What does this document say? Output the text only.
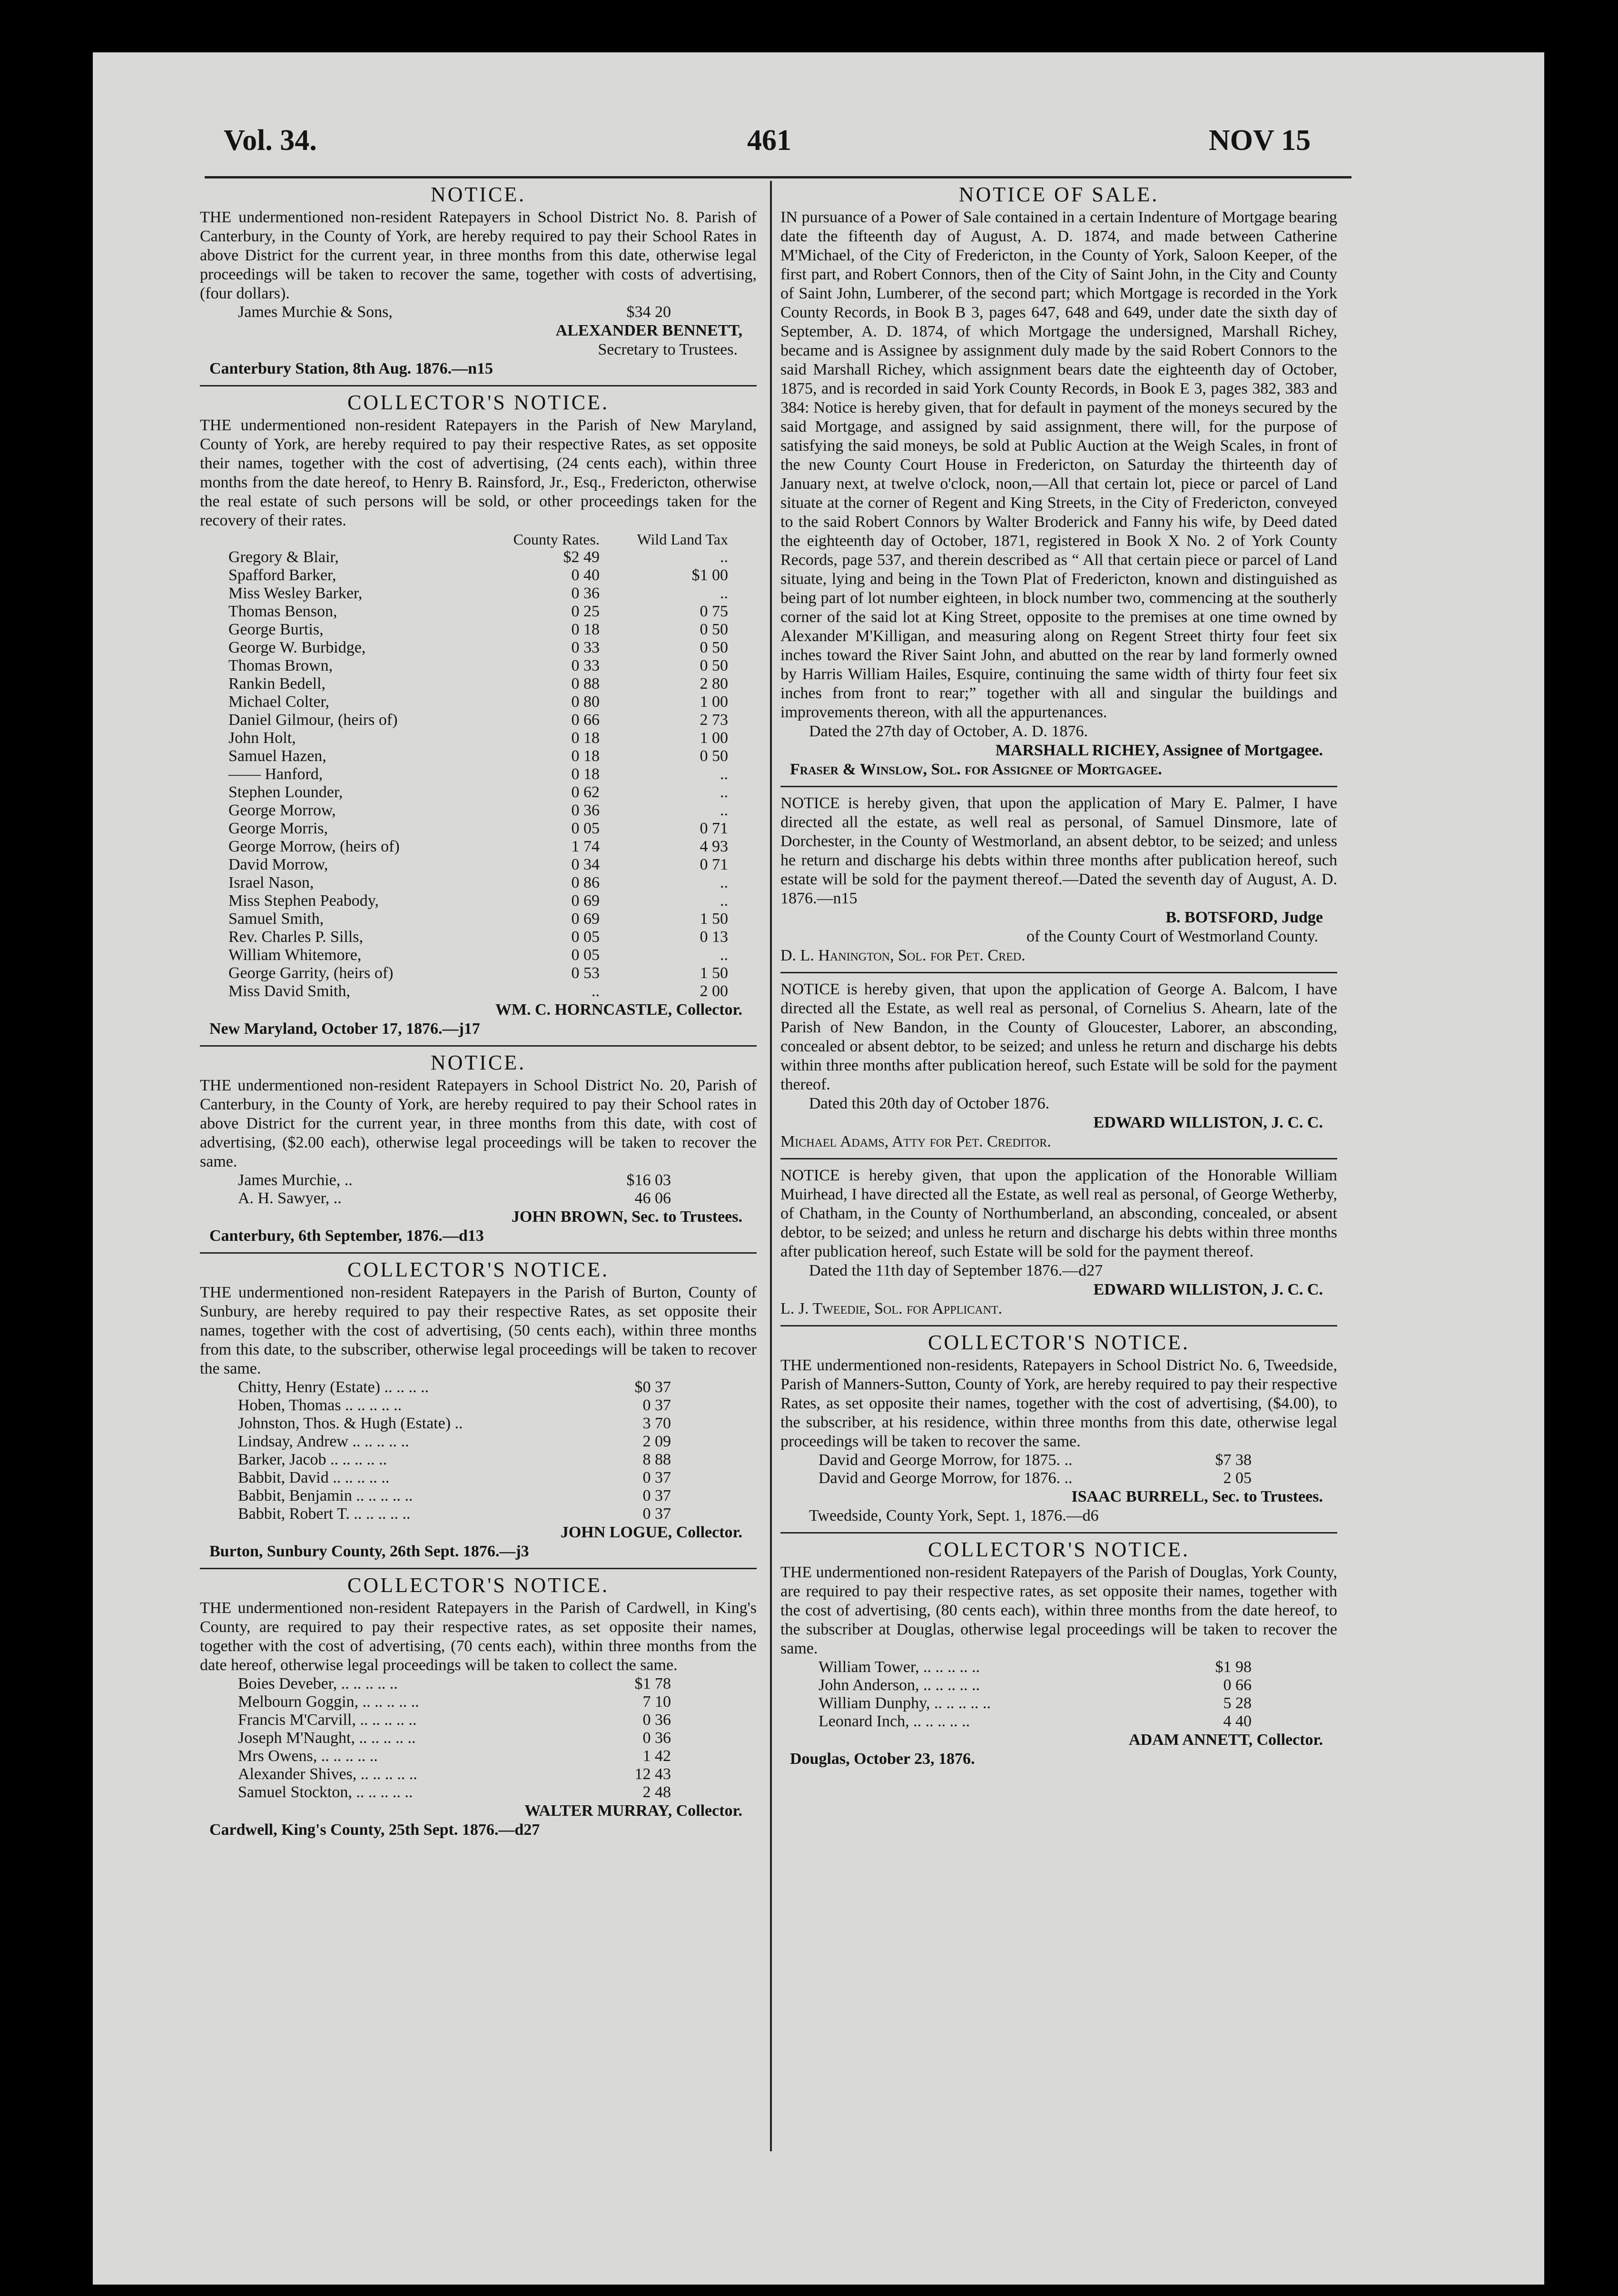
Vol. 34.	461	NOV 15
NOTICE.
THE undermentioned non-resident Ratepayers in School District No. 8. Parish of Canterbury, in the County of York, are hereby required to pay their School Rates in above District for the current year, in three months from this date, otherwise legal proceedings will be taken to recover the same, together with costs of advertising, (four dollars).
James Murchie & Sons,	$34 20
ALEXANDER BENNETT,
Secretary to Trustees.
Canterbury Station, 8th Aug. 1876.—n15
COLLECTOR'S NOTICE.
THE undermentioned non-resident Ratepayers in the Parish of New Maryland, County of York, are hereby required to pay their respective Rates, as set opposite their names, together with the cost of advertising, (24 cents each), within three months from the date hereof, to Henry B. Rainsford, Jr., Esq., Fredericton, otherwise the real estate of such persons will be sold, or other proceedings taken for the recovery of their rates.
	County Rates.	Wild Land Tax
Gregory & Blair,	$2 49	..
Spafford Barker,	0 40	$1 00
Miss Wesley Barker,	0 36	..
Thomas Benson,	0 25	0 75
George Burtis,	0 18	0 50
George W. Burbidge,	0 33	0 50
Thomas Brown,	0 33	0 50
Rankin Bedell,	0 88	2 80
Michael Colter,	0 80	1 00
Daniel Gilmour, (heirs of)	0 66	2 73
John Holt,	0 18	1 00
Samuel Hazen,	0 18	0 50
—— Hanford,	0 18	..
Stephen Lounder,	0 62	..
George Morrow,	0 36	..
George Morris,	0 05	0 71
George Morrow, (heirs of)	1 74	4 93
David Morrow,	0 34	0 71
Israel Nason,	0 86	..
Miss Stephen Peabody,	0 69	..
Samuel Smith,	0 69	1 50
Rev. Charles P. Sills,	0 05	0 13
William Whitemore,	0 05	..
George Garrity, (heirs of)	0 53	1 50
Miss David Smith,	..	2 00
WM. C. HORNCASTLE, Collector.
New Maryland, October 17, 1876.—j17
NOTICE.
THE undermentioned non-resident Ratepayers in School District No. 20, Parish of Canterbury, in the County of York, are hereby required to pay their School rates in above District for the current year, in three months from this date, with cost of advertising, ($2.00 each), otherwise legal proceedings will be taken to recover the same.
James Murchie, ..	$16 03
A. H. Sawyer, ..	46 06
JOHN BROWN, Sec. to Trustees.
Canterbury, 6th September, 1876.—d13
COLLECTOR'S NOTICE.
THE undermentioned non-resident Ratepayers in the Parish of Burton, County of Sunbury, are hereby required to pay their respective Rates, as set opposite their names, together with the cost of advertising, (50 cents each), within three months from this date, to the subscriber, otherwise legal proceedings will be taken to recover the same.
Chitty, Henry (Estate) .. .. .. ..	$0 37
Hoben, Thomas .. .. .. .. ..	0 37
Johnston, Thos. & Hugh (Estate) ..	3 70
Lindsay, Andrew .. .. .. .. ..	2 09
Barker, Jacob .. .. .. .. ..	8 88
Babbit, David .. .. .. .. ..	0 37
Babbit, Benjamin .. .. .. .. ..	0 37
Babbit, Robert T. .. .. .. .. ..	0 37
JOHN LOGUE, Collector.
Burton, Sunbury County, 26th Sept. 1876.—j3
COLLECTOR'S NOTICE.
THE undermentioned non-resident Ratepayers in the Parish of Cardwell, in King's County, are required to pay their respective rates, as set opposite their names, together with the cost of advertising, (70 cents each), within three months from the date hereof, otherwise legal proceedings will be taken to collect the same.
Boies Deveber, .. .. .. .. ..	$1 78
Melbourn Goggin, .. .. .. .. ..	7 10
Francis M'Carvill, .. .. .. .. ..	0 36
Joseph M'Naught, .. .. .. .. ..	0 36
Mrs Owens, .. .. .. .. ..	1 42
Alexander Shives, .. .. .. .. ..	12 43
Samuel Stockton, .. .. .. .. ..	2 48
WALTER MURRAY, Collector.
Cardwell, King's County, 25th Sept. 1876.—d27
NOTICE OF SALE.
IN pursuance of a Power of Sale contained in a certain Indenture of Mortgage bearing date the fifteenth day of August, A. D. 1874, and made between Catherine M'Michael, of the City of Fredericton, in the County of York, Saloon Keeper, of the first part, and Robert Connors, then of the City of Saint John, in the City and County of Saint John, Lumberer, of the second part; which Mortgage is recorded in the York County Records, in Book B 3, pages 647, 648 and 649, under date the sixth day of September, A. D. 1874, of which Mortgage the undersigned, Marshall Richey, became and is Assignee by assignment duly made by the said Robert Connors to the said Marshall Richey, which assignment bears date the eighteenth day of October, 1875, and is recorded in said York County Records, in Book E 3, pages 382, 383 and 384: Notice is hereby given, that for default in payment of the moneys secured by the said Mortgage, and assigned by said assignment, there will, for the purpose of satisfying the said moneys, be sold at Public Auction at the Weigh Scales, in front of the new County Court House in Fredericton, on Saturday the thirteenth day of January next, at twelve o'clock, noon,—All that certain lot, piece or parcel of Land situate at the corner of Regent and King Streets, in the City of Fredericton, conveyed to the said Robert Connors by Walter Broderick and Fanny his wife, by Deed dated the eighteenth day of October, 1871, registered in Book X No. 2 of York County Records, page 537, and therein described as “ All that certain piece or parcel of Land situate, lying and being in the Town Plat of Fredericton, known and distinguished as being part of lot number eighteen, in block number two, commencing at the southerly corner of the said lot at King Street, opposite to the premises at one time owned by Alexander M'Killigan, and measuring along on Regent Street thirty four feet six inches toward the River Saint John, and abutted on the rear by land formerly owned by Harris William Hailes, Esquire, continuing the same width of thirty four feet six inches from front to rear;” together with all and singular the buildings and improvements thereon, with all the appurtenances.
Dated the 27th day of October, A. D. 1876.
MARSHALL RICHEY, Assignee of Mortgagee.
Fraser & Winslow, Sol. for Assignee of Mortgagee.
NOTICE is hereby given, that upon the application of Mary E. Palmer, I have directed all the estate, as well real as personal, of Samuel Dinsmore, late of Dorchester, in the County of Westmorland, an absent debtor, to be seized; and unless he return and discharge his debts within three months after publication hereof, such estate will be sold for the payment thereof.—Dated the seventh day of August, A. D. 1876.—n15
B. BOTSFORD, Judge
of the County Court of Westmorland County.
D. L. Hanington, Sol. for Pet. Cred.
NOTICE is hereby given, that upon the application of George A. Balcom, I have directed all the Estate, as well real as personal, of Cornelius S. Ahearn, late of the Parish of New Bandon, in the County of Gloucester, Laborer, an absconding, concealed or absent debtor, to be seized; and unless he return and discharge his debts within three months after publication hereof, such Estate will be sold for the payment thereof.
Dated this 20th day of October 1876.
EDWARD WILLISTON, J. C. C.
Michael Adams, Atty for Pet. Creditor.
NOTICE is hereby given, that upon the application of the Honorable William Muirhead, I have directed all the Estate, as well real as personal, of George Wetherby, of Chatham, in the County of Northumberland, an absconding, concealed, or absent debtor, to be seized; and unless he return and discharge his debts within three months after publication hereof, such Estate will be sold for the payment thereof.
Dated the 11th day of September 1876.—d27
EDWARD WILLISTON, J. C. C.
L. J. Tweedie, Sol. for Applicant.
COLLECTOR'S NOTICE.
THE undermentioned non-residents, Ratepayers in School District No. 6, Tweedside, Parish of Manners-Sutton, County of York, are hereby required to pay their respective Rates, as set opposite their names, together with the cost of advertising, ($4.00), to the subscriber, at his residence, within three months from this date, otherwise legal proceedings will be taken to recover the same.
David and George Morrow, for 1875. ..	$7 38
David and George Morrow, for 1876. ..	2 05
ISAAC BURRELL, Sec. to Trustees.
Tweedside, County York, Sept. 1, 1876.—d6
COLLECTOR'S NOTICE.
THE undermentioned non-resident Ratepayers of the Parish of Douglas, York County, are required to pay their respective rates, as set opposite their names, together with the cost of advertising, (80 cents each), within three months from the date hereof, to the subscriber at Douglas, otherwise legal proceedings will be taken to recover the same.
William Tower, .. .. .. .. ..	$1 98
John Anderson, .. .. .. .. ..	0 66
William Dunphy, .. .. .. .. ..	5 28
Leonard Inch, .. .. .. .. ..	4 40
ADAM ANNETT, Collector.
Douglas, October 23, 1876.
